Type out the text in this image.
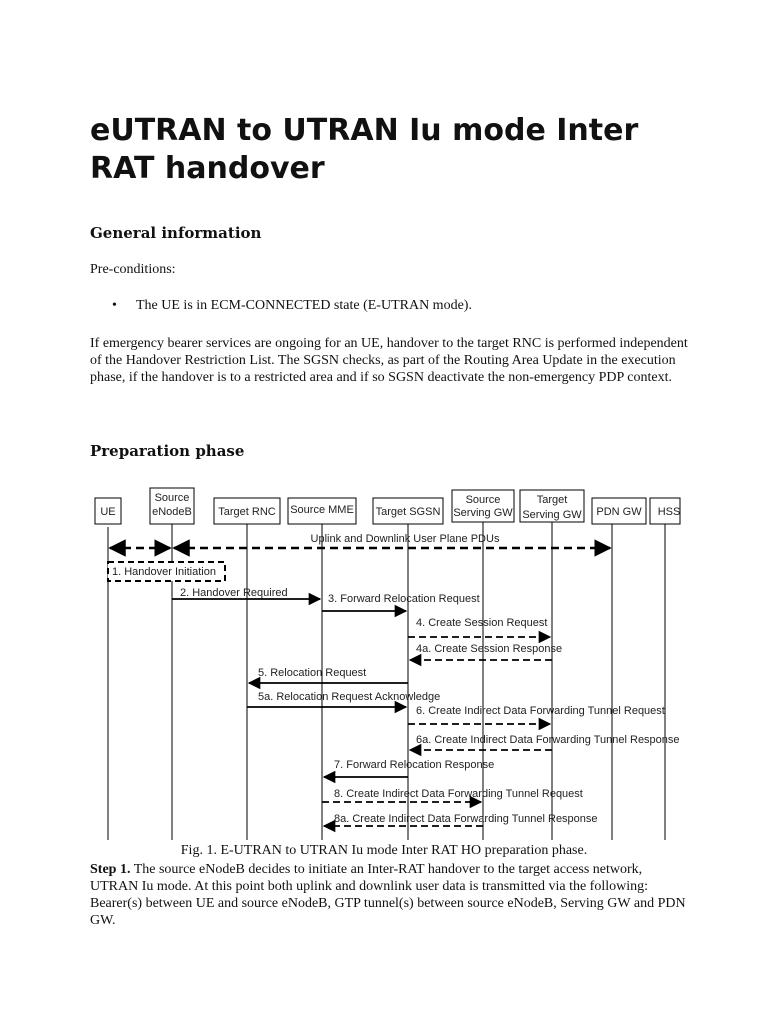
eUTRAN to UTRAN Iu mode Inter RAT handover
General information

Pre-conditions:

• The UE is in ECM-CONNECTED state (E-UTRAN mode).

If emergency bearer services are ongoing for an UE, handover to the target RNC is performed independent of the Handover Restriction List. The SGSN checks, as part of the Routing Area Update in the execution phase, if the handover is to a restricted area and if so SGSN deactivate the non-emergency PDP context.

Preparation phase
UE
Source
eNodeB Target RNC Source MME Target SGSN
Source
Serving GW
Target
Serving GW PDN GW HSS
Uplink and Downlink User Plane PDUs
1. Handover Initiation
2. Handover Required	3. Forward Relocation Request
4. Create Session Request
4a. Create Session Response
5. Relocation Request
5a. Relocation Request Acknowledge
6. Create Indirect Data Forwarding Tunnel Request
6a. Create Indirect Data Forwarding Tunnel Response
7. Forward Relocation Response
8. Create Indirect Data Forwarding Tunnel Request
8a. Create Indirect Data Forwarding Tunnel Response
Fig. 1. E-UTRAN to UTRAN Iu mode Inter RAT HO preparation phase.

Step 1. The source eNodeB decides to initiate an Inter-RAT handover to the target access network, UTRAN Iu mode. At this point both uplink and downlink user data is transmitted via the following: Bearer(s) between UE and source eNodeB, GTP tunnel(s) between source eNodeB, Serving GW and PDN GW.
